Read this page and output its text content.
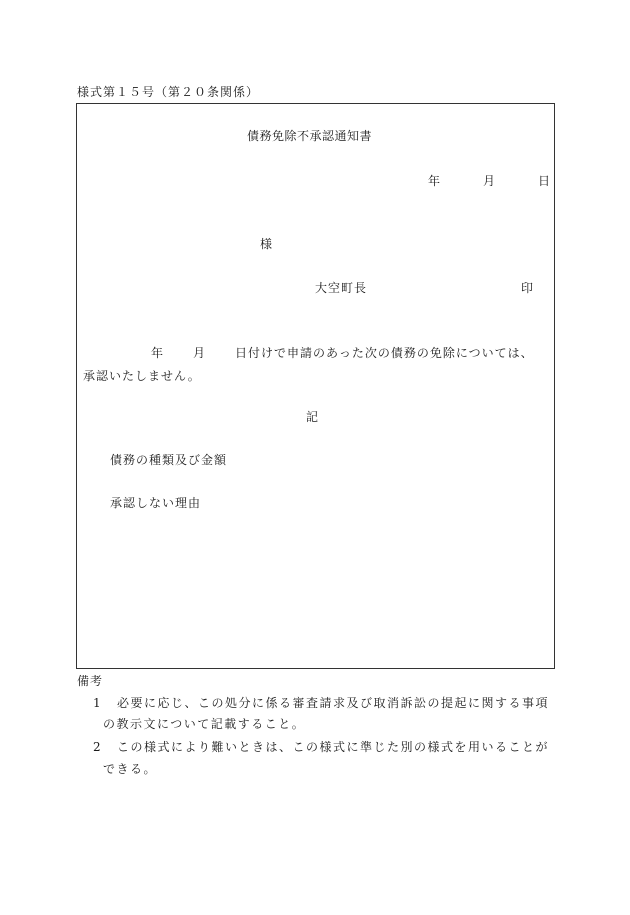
様式第１５号（第２０条関係）
債務免除不承認通知書
年	月	日
様
大空町長	印
年 月 日付けで申請のあった次の債務の免除については、
承認いたしません。
記
債務の種類及び金額
承認しない理由
備考
1 必要に応じ、この処分に係る審査請求及び取消訴訟の提起に関する事項
の教示文について記載すること。
2 この様式により難いときは、この様式に準じた別の様式を用いることが
できる。
